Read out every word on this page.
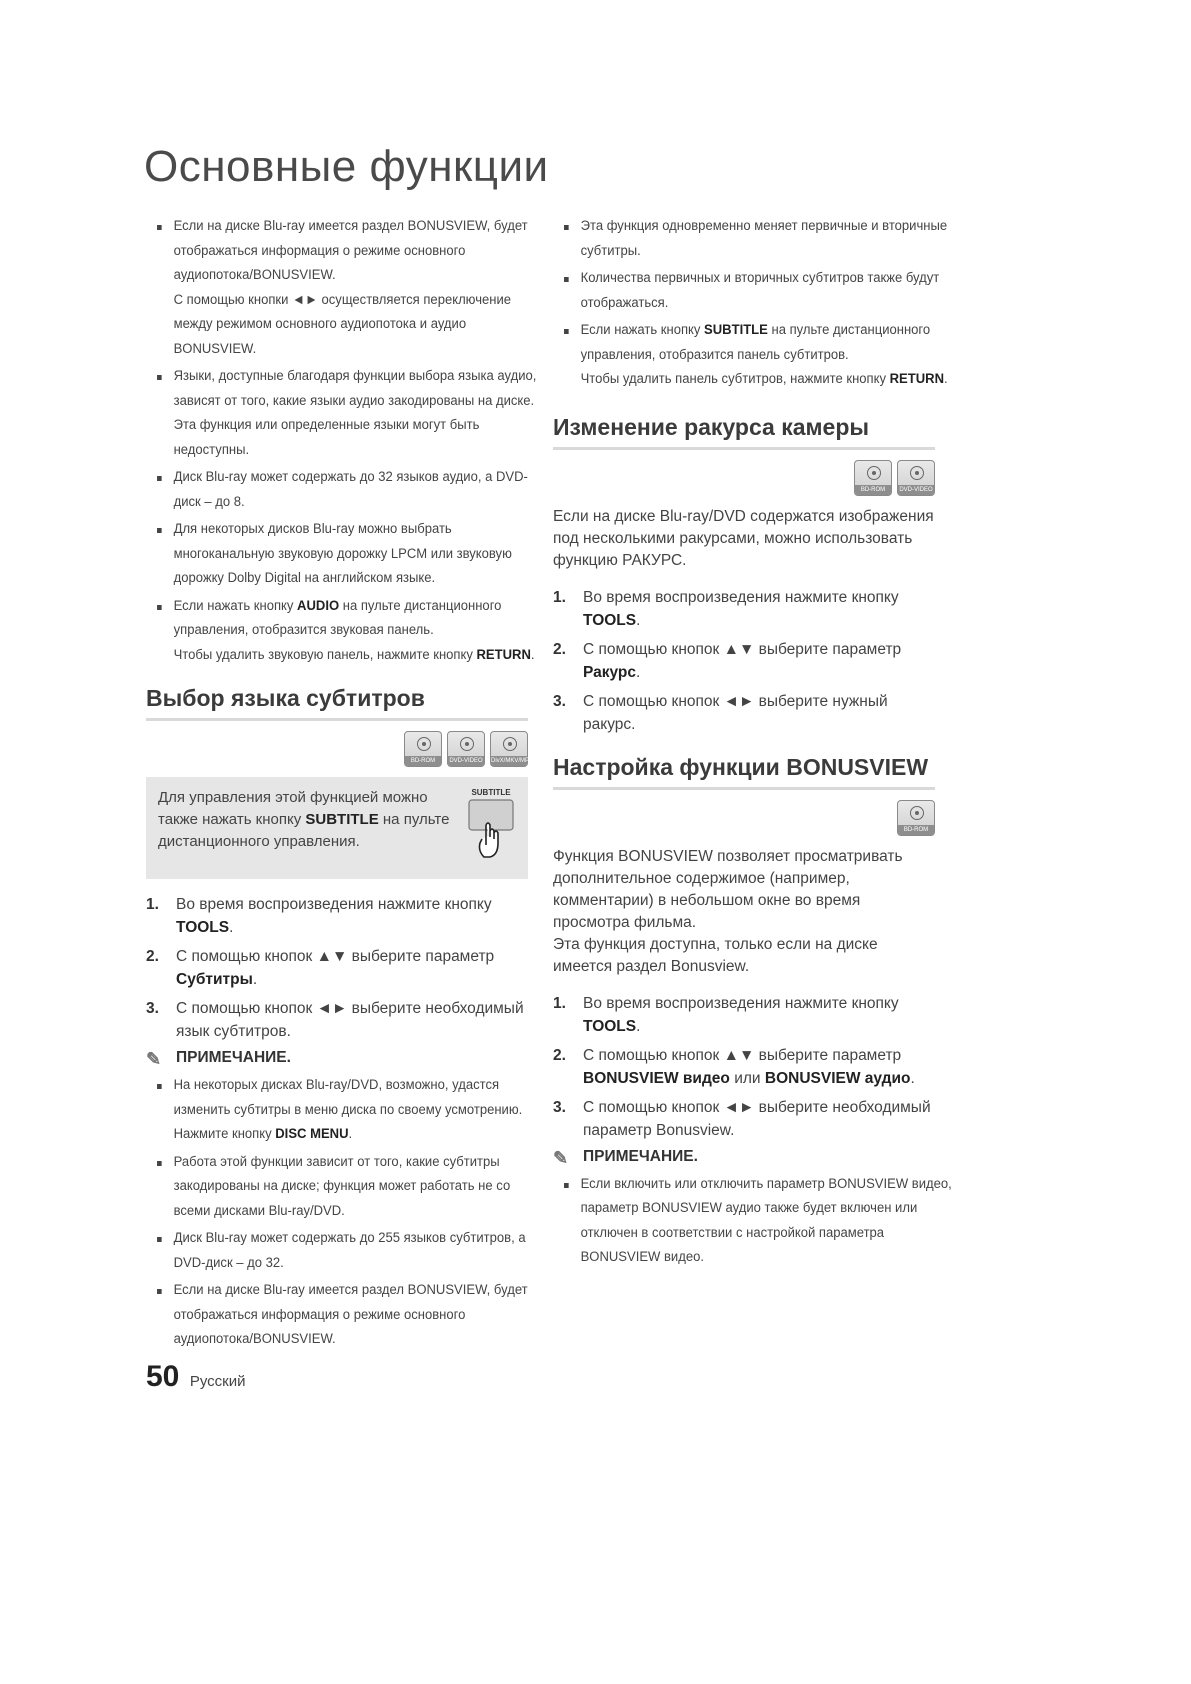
Основные функции
Если на диске Blu-ray имеется раздел BONUSVIEW, будет отображаться информация о режиме основного аудиопотока/BONUSVIEW.
С помощью кнопки ◄► осуществляется переключение между режимом основного аудиопотока и аудио BONUSVIEW.
Языки, доступные благодаря функции выбора языка аудио, зависят от того, какие языки аудио закодированы на диске. Эта функция или определенные языки могут быть недоступны.
Диск Blu-ray может содержать до 32 языков аудио, а DVD-диск – до 8.
Для некоторых дисков Blu-ray можно выбрать многоканальную звуковую дорожку LPCM или звуковую дорожку Dolby Digital на английском языке.
Если нажать кнопку AUDIO на пульте дистанционного управления, отобразится звуковая панель.
Чтобы удалить звуковую панель, нажмите кнопку RETURN.
Выбор языка субтитров
BD-ROM	DVD-VIDEO DivX/MKV/MP4

Для управления этой функцией можно также нажать кнопку SUBTITLE на пульте дистанционного управления.

SUBTITLE
1. Во время воспроизведения нажмите кнопку TOOLS.
2. С помощью кнопок ▲▼ выберите параметр Субтитры.
3. С помощью кнопок ◄► выберите необходимый язык субтитров.
✎ ПРИМЕЧАНИЕ.
На некоторых дисках Blu-ray/DVD, возможно, удастся изменить субтитры в меню диска по своему усмотрению. Нажмите кнопку DISC MENU.
Работа этой функции зависит от того, какие субтитры закодированы на диске; функция может работать не со всеми дисками Blu-ray/DVD.
Диск Blu-ray может содержать до 255 языков субтитров, а DVD-диск – до 32.
Если на диске Blu-ray имеется раздел BONUSVIEW, будет отображаться информация о режиме основного аудиопотока/BONUSVIEW.
Эта функция одновременно меняет первичные и вторичные субтитры.
Количества первичных и вторичных субтитров также будут отображаться.
Если нажать кнопку SUBTITLE на пульте дистанционного управления, отобразится панель субтитров.
Чтобы удалить панель субтитров, нажмите кнопку RETURN.
Изменение ракурса камеры
BD-ROM	DVD-VIDEO

Если на диске Blu-ray/DVD содержатся изображения под несколькими ракурсами, можно использовать функцию РАКУРС.

1. Во время воспроизведения нажмите кнопку TOOLS.
2. С помощью кнопок ▲▼ выберите параметр Ракурс.
3. С помощью кнопок ◄► выберите нужный ракурс.
Настройка функции BONUSVIEW
BD-ROM

Функция BONUSVIEW позволяет просматривать дополнительное содержимое (например, комментарии) в небольшом окне во время просмотра фильма.

Эта функция доступна, только если на диске имеется раздел Bonusview.

1. Во время воспроизведения нажмите кнопку TOOLS.
2. С помощью кнопок ▲▼ выберите параметр BONUSVIEW видео или BONUSVIEW аудио.
3. С помощью кнопок ◄► выберите необходимый параметр Bonusview.
✎ ПРИМЕЧАНИЕ.
Если включить или отключить параметр BONUSVIEW видео, параметр BONUSVIEW аудио также будет включен или отключен в соответствии с настройкой параметра BONUSVIEW видео.
50 Русский
